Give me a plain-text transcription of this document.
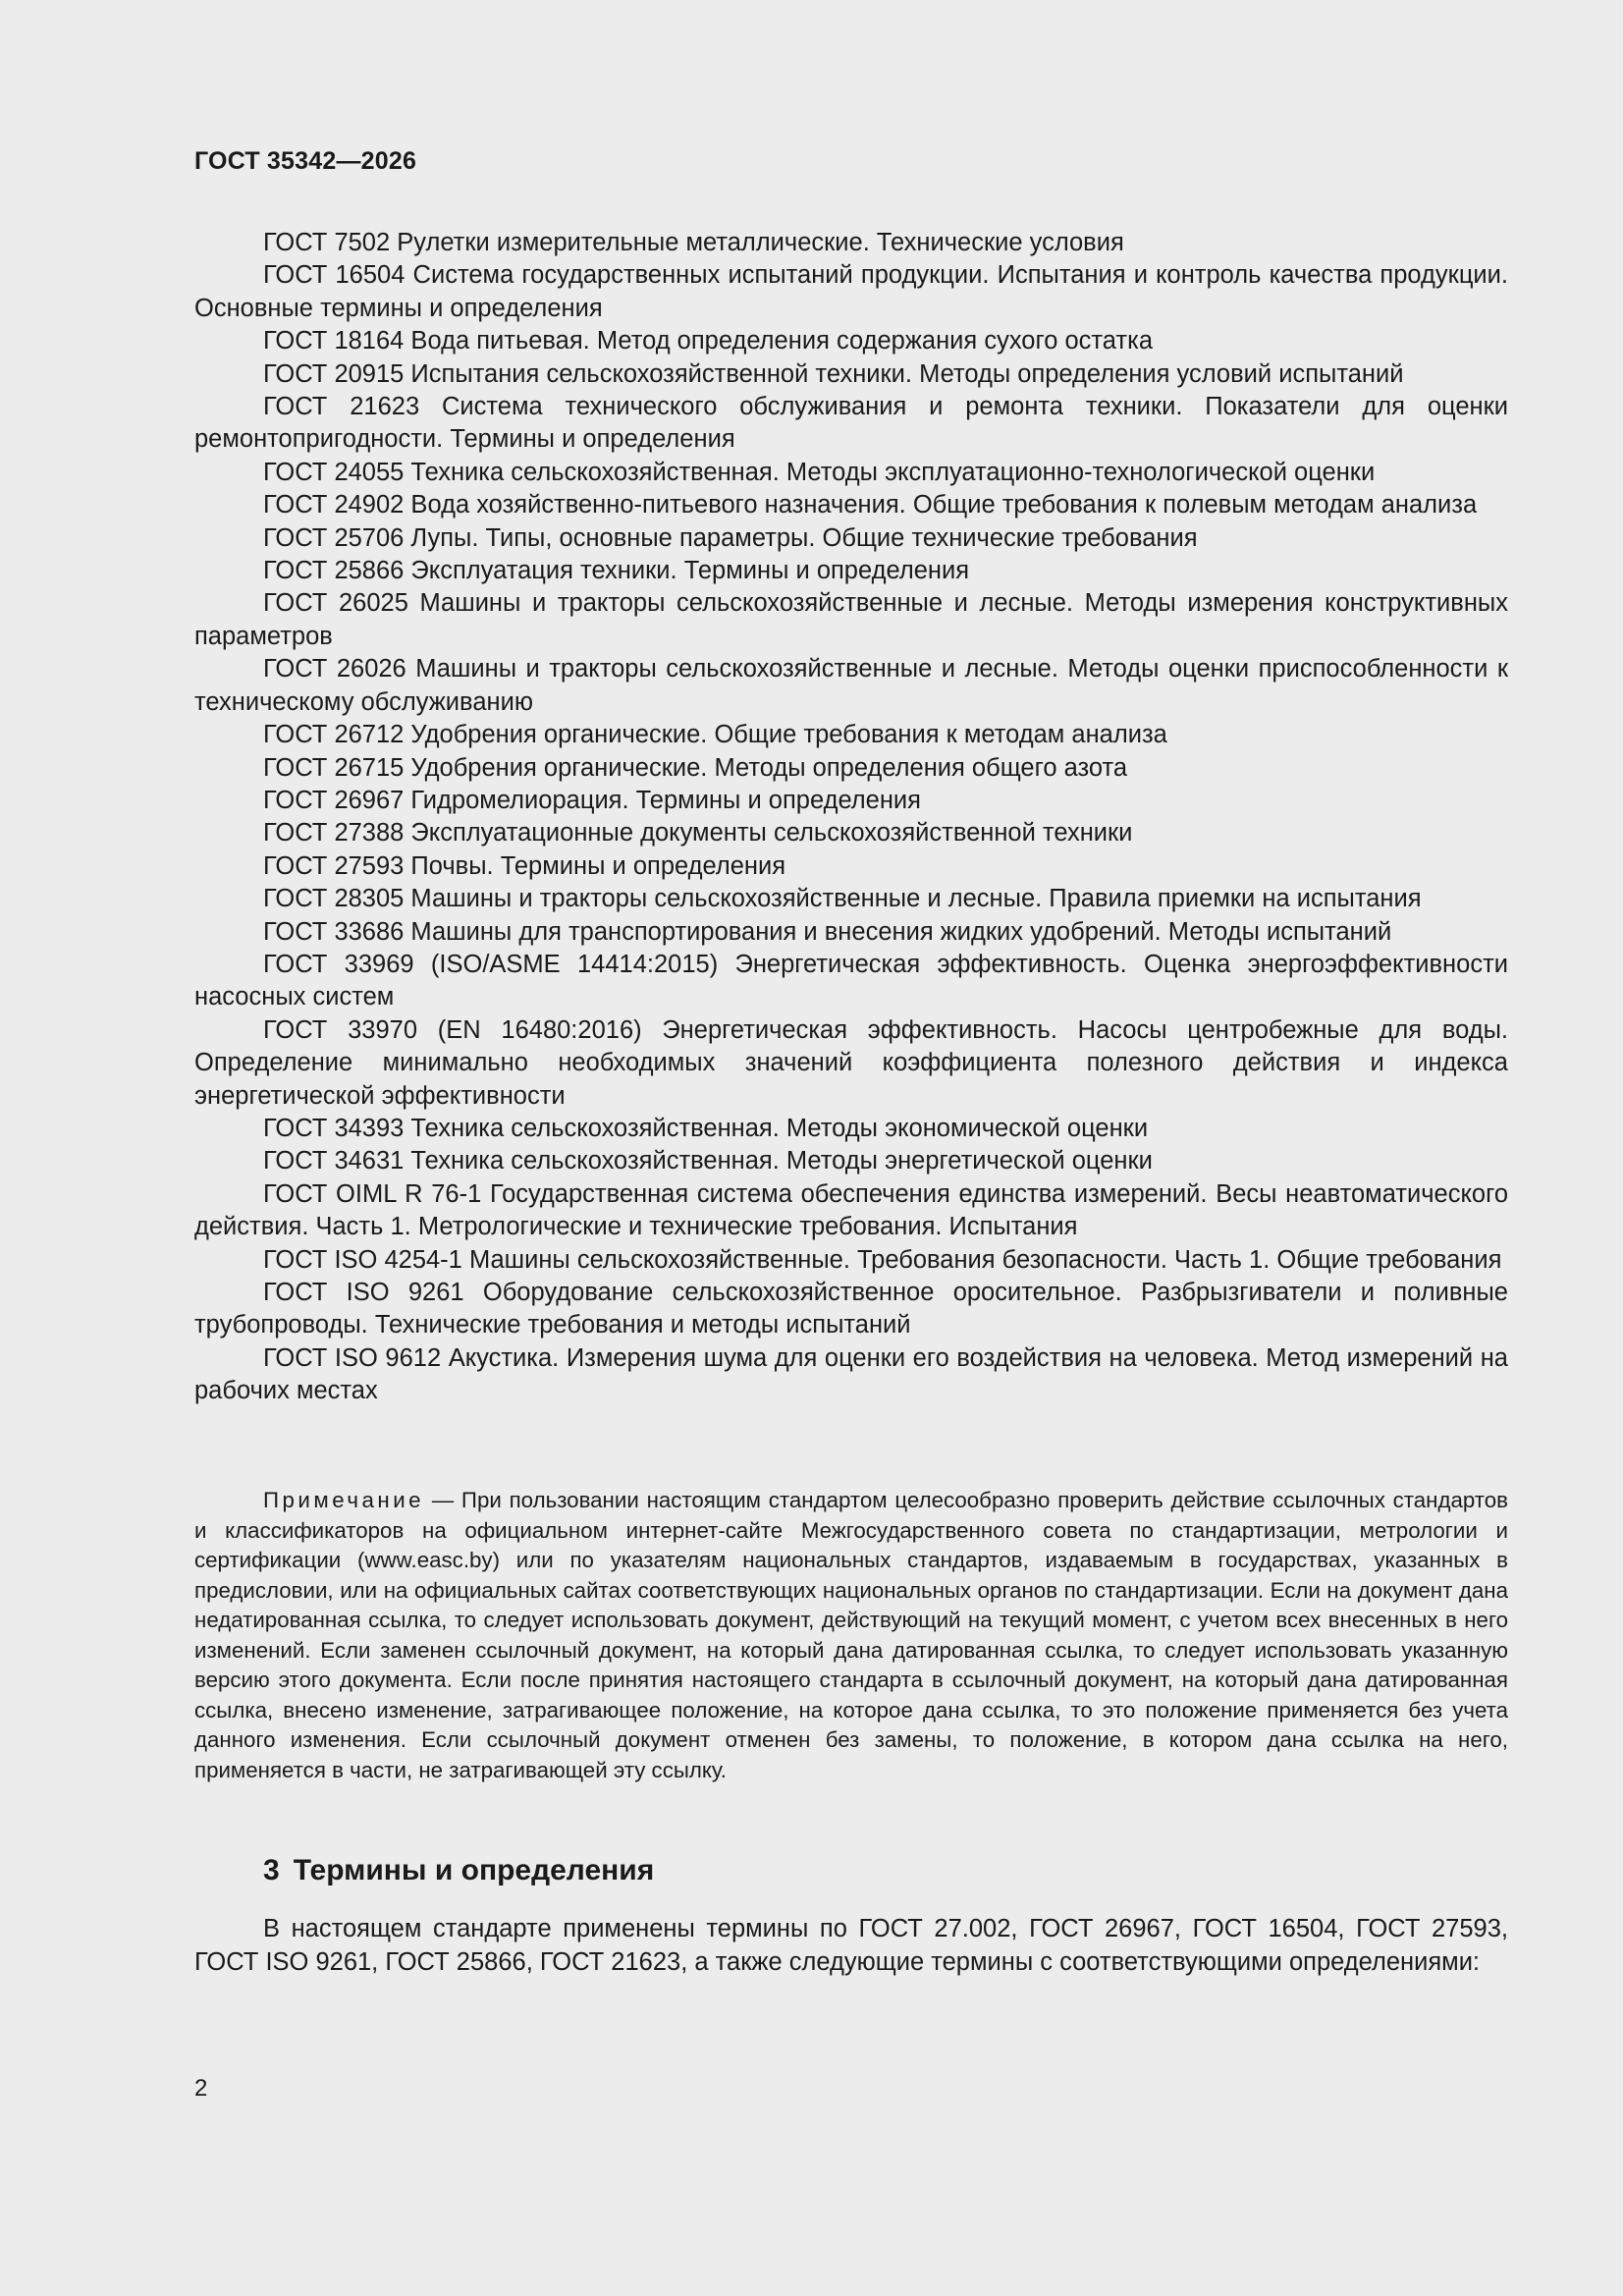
ГОСТ 35342—2026

ГОСТ 7502 Рулетки измерительные металлические. Технические условия

ГОСТ 16504 Система государственных испытаний продукции. Испытания и контроль качества продукции. Основные термины и определения

ГОСТ 18164 Вода питьевая. Метод определения содержания сухого остатка

ГОСТ 20915 Испытания сельскохозяйственной техники. Методы определения условий испытаний

ГОСТ 21623 Система технического обслуживания и ремонта техники. Показатели для оценки ремонтопригодности. Термины и определения

ГОСТ 24055 Техника сельскохозяйственная. Методы эксплуатационно-технологической оценки

ГОСТ 24902 Вода хозяйственно-питьевого назначения. Общие требования к полевым методам анализа

ГОСТ 25706 Лупы. Типы, основные параметры. Общие технические требования

ГОСТ 25866 Эксплуатация техники. Термины и определения

ГОСТ 26025 Машины и тракторы сельскохозяйственные и лесные. Методы измерения конструктивных параметров

ГОСТ 26026 Машины и тракторы сельскохозяйственные и лесные. Методы оценки приспособленности к техническому обслуживанию

ГОСТ 26712 Удобрения органические. Общие требования к методам анализа

ГОСТ 26715 Удобрения органические. Методы определения общего азота

ГОСТ 26967 Гидромелиорация. Термины и определения

ГОСТ 27388 Эксплуатационные документы сельскохозяйственной техники

ГОСТ 27593 Почвы. Термины и определения

ГОСТ 28305 Машины и тракторы сельскохозяйственные и лесные. Правила приемки на испытания

ГОСТ 33686 Машины для транспортирования и внесения жидких удобрений. Методы испытаний

ГОСТ 33969 (ISO/ASME 14414:2015) Энергетическая эффективность. Оценка энергоэффективности насосных систем

ГОСТ 33970 (EN 16480:2016) Энергетическая эффективность. Насосы центробежные для воды. Определение минимально необходимых значений коэффициента полезного действия и индекса энергетической эффективности

ГОСТ 34393 Техника сельскохозяйственная. Методы экономической оценки

ГОСТ 34631 Техника сельскохозяйственная. Методы энергетической оценки

ГОСТ OIML R 76-1 Государственная система обеспечения единства измерений. Весы неавтоматического действия. Часть 1. Метрологические и технические требования. Испытания

ГОСТ ISO 4254-1 Машины сельскохозяйственные. Требования безопасности. Часть 1. Общие требования

ГОСТ ISO 9261 Оборудование сельскохозяйственное оросительное. Разбрызгиватели и поливные трубопроводы. Технические требования и методы испытаний

ГОСТ ISO 9612 Акустика. Измерения шума для оценки его воздействия на человека. Метод измерений на рабочих местах

Примечание — При пользовании настоящим стандартом целесообразно проверить действие ссылочных стандартов и классификаторов на официальном интернет-сайте Межгосударственного совета по стандартизации, метрологии и сертификации (www.easc.by) или по указателям национальных стандартов, издаваемым в государствах, указанных в предисловии, или на официальных сайтах соответствующих национальных органов по стандартизации. Если на документ дана недатированная ссылка, то следует использовать документ, действующий на текущий момент, с учетом всех внесенных в него изменений. Если заменен ссылочный документ, на который дана датированная ссылка, то следует использовать указанную версию этого документа. Если после принятия настоящего стандарта в ссылочный документ, на который дана датированная ссылка, внесено изменение, затрагивающее положение, на которое дана ссылка, то это положение применяется без учета данного изменения. Если ссылочный документ отменен без замены, то положение, в котором дана ссылка на него, применяется в части, не затрагивающей эту ссылку.

3 Термины и определения

В настоящем стандарте применены термины по ГОСТ 27.002, ГОСТ 26967, ГОСТ 16504, ГОСТ 27593, ГОСТ ISO 9261, ГОСТ 25866, ГОСТ 21623, а также следующие термины с соответствующими определениями:

2
